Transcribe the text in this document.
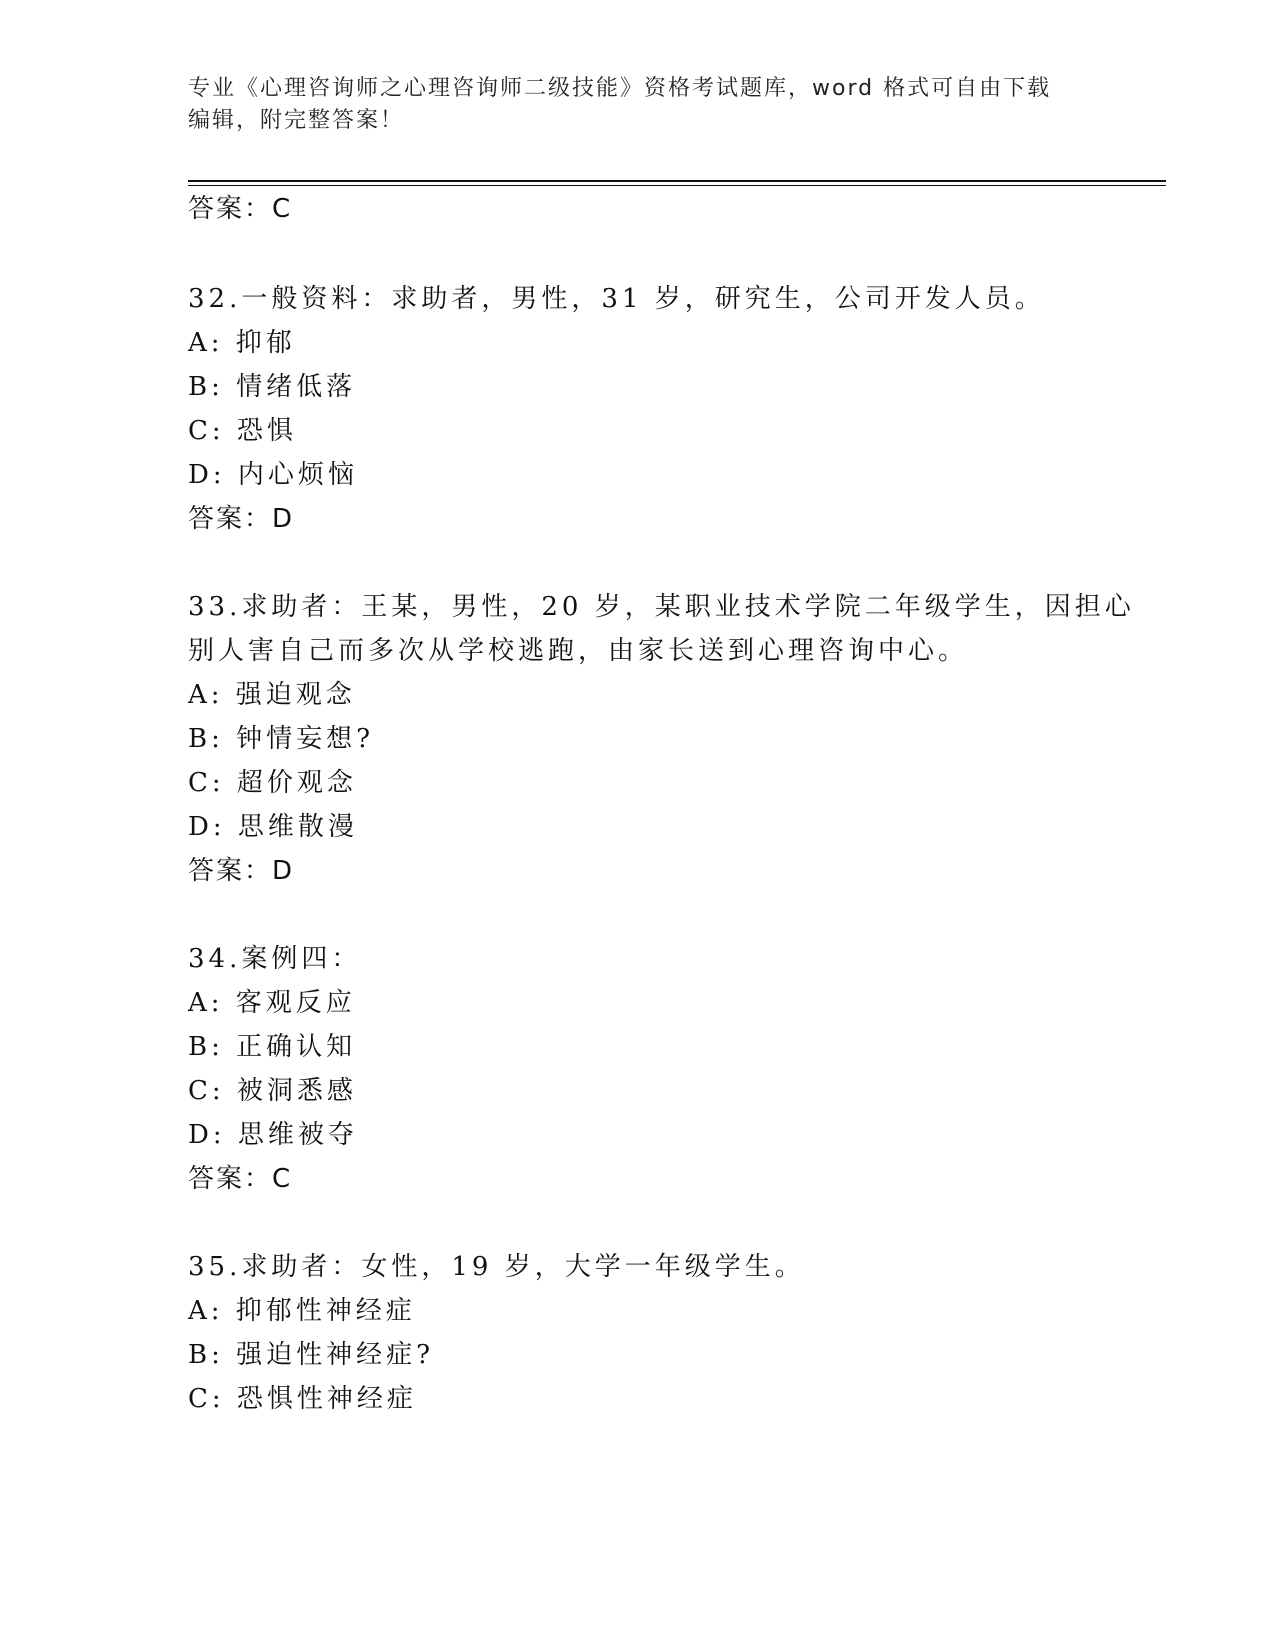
专业《心理咨询师之心理咨询师二级技能》资格考试题库，word 格式可自由下载
编辑，附完整答案！
答案：C
32.一般资料：求助者，男性，31 岁，研究生，公司开发人员。
A: 抑郁
B: 情绪低落
C: 恐惧
D: 内心烦恼
答案：D
33.求助者：王某，男性，20 岁，某职业技术学院二年级学生，因担心
别人害自己而多次从学校逃跑，由家长送到心理咨询中心。
A: 强迫观念
B: 钟情妄想?
C: 超价观念
D: 思维散漫
答案：D
34.案例四：
A: 客观反应
B: 正确认知
C: 被洞悉感
D: 思维被夺
答案：C
35.求助者：女性，19 岁，大学一年级学生。
A: 抑郁性神经症
B: 强迫性神经症?
C: 恐惧性神经症
